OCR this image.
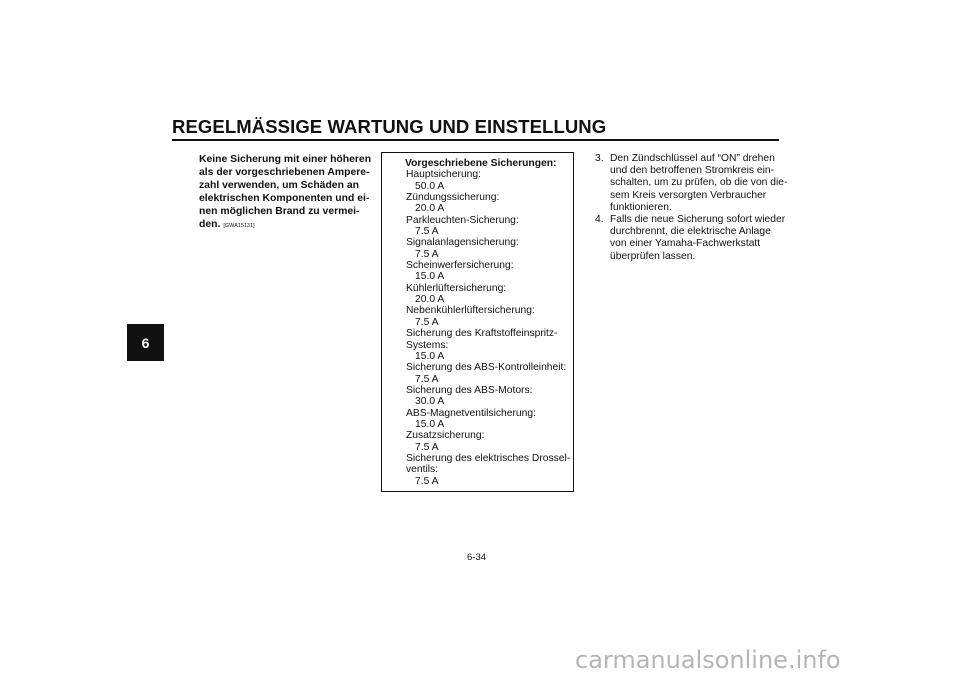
REGELMÄSSIGE WARTUNG UND EINSTELLUNG
6
Keine Sicherung mit einer höheren
als der vorgeschriebenen Ampere-
zahl verwenden, um Schäden an
elektrischen Komponenten und ei-
nen möglichen Brand zu vermei-
den. [GWA15131]
Vorgeschriebene Sicherungen:
Hauptsicherung:
50.0 A
Zündungssicherung:
20.0 A
Parkleuchten-Sicherung:
7.5 A
Signalanlagensicherung:
7.5 A
Scheinwerfersicherung:
15.0 A
Kühlerlüftersicherung:
20.0 A
Nebenkühlerlüftersicherung:
7.5 A
Sicherung des Kraftstoffeinspritz-
Systems:
15.0 A
Sicherung des ABS-Kontrolleinheit:
7.5 A
Sicherung des ABS-Motors:
30.0 A
ABS-Magnetventilsicherung:
15.0 A
Zusatzsicherung:
7.5 A
Sicherung des elektrisches Drossel-
ventils:
7.5 A
3. Den Zündschlüssel auf “ON” drehen
und den betroffenen Stromkreis ein-
schalten, um zu prüfen, ob die von die-
sem Kreis versorgten Verbraucher
funktionieren.
4. Falls die neue Sicherung sofort wieder
durchbrennt, die elektrische Anlage
von einer Yamaha-Fachwerkstatt
überprüfen lassen.
6-34
carmanualsonline.info
